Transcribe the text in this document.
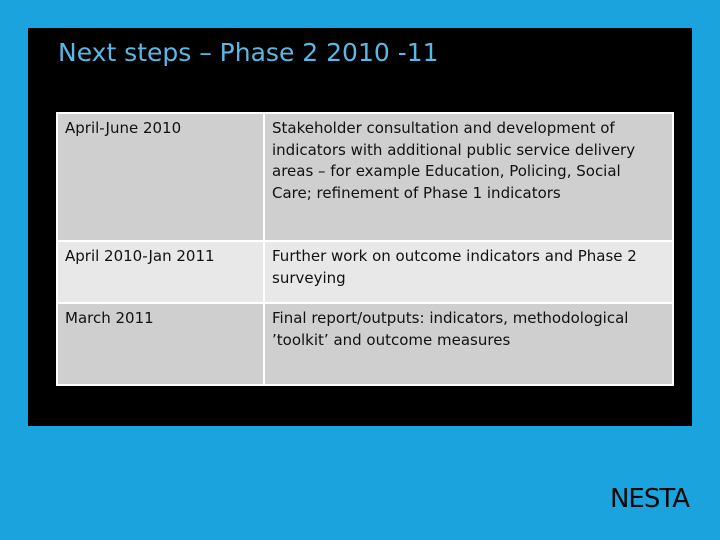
Next steps – Phase 2 2010 -11
April-June 2010	Stakeholder consultation and development of indicators with additional public service delivery areas – for example Education, Policing, Social Care; refinement of Phase 1 indicators
April 2010-Jan 2011	Further work on outcome indicators and Phase 2 surveying
March 2011	Final report/outputs: indicators, methodological ’toolkit’ and outcome measures
NESTA
